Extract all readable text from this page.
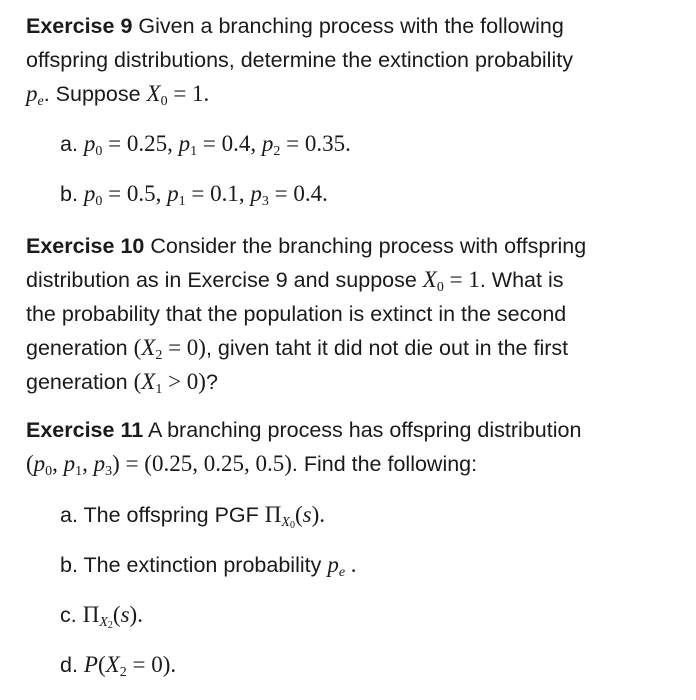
Exercise 9 Given a branching process with the following
offspring distributions, determine the extinction probability
$p_e$. Suppose $X_0 = 1$.
a. $p_0 = 0.25$, $p_1 = 0.4$, $p_2 = 0.35$.
b. $p_0 = 0.5$, $p_1 = 0.1$, $p_3 = 0.4$.
Exercise 10 Consider the branching process with offspring
distribution as in Exercise 9 and suppose $X_0 = 1$. What is
the probability that the population is extinct in the second
generation $(X_2 = 0)$, given taht it did not die out in the first
generation $(X_1 > 0)$?
Exercise 11 A branching process has offspring distribution
($p_0$, $p_1$, $p_3) = (0.25$, 0.25, 0.5). Find the following:
a. The offspring PGF $\Pi_{X0}(s)$.
b. The extinction probability $p_e$ .
c. $\Pi_{X2}(s)$.
d. $P(X_2 = 0)$.
